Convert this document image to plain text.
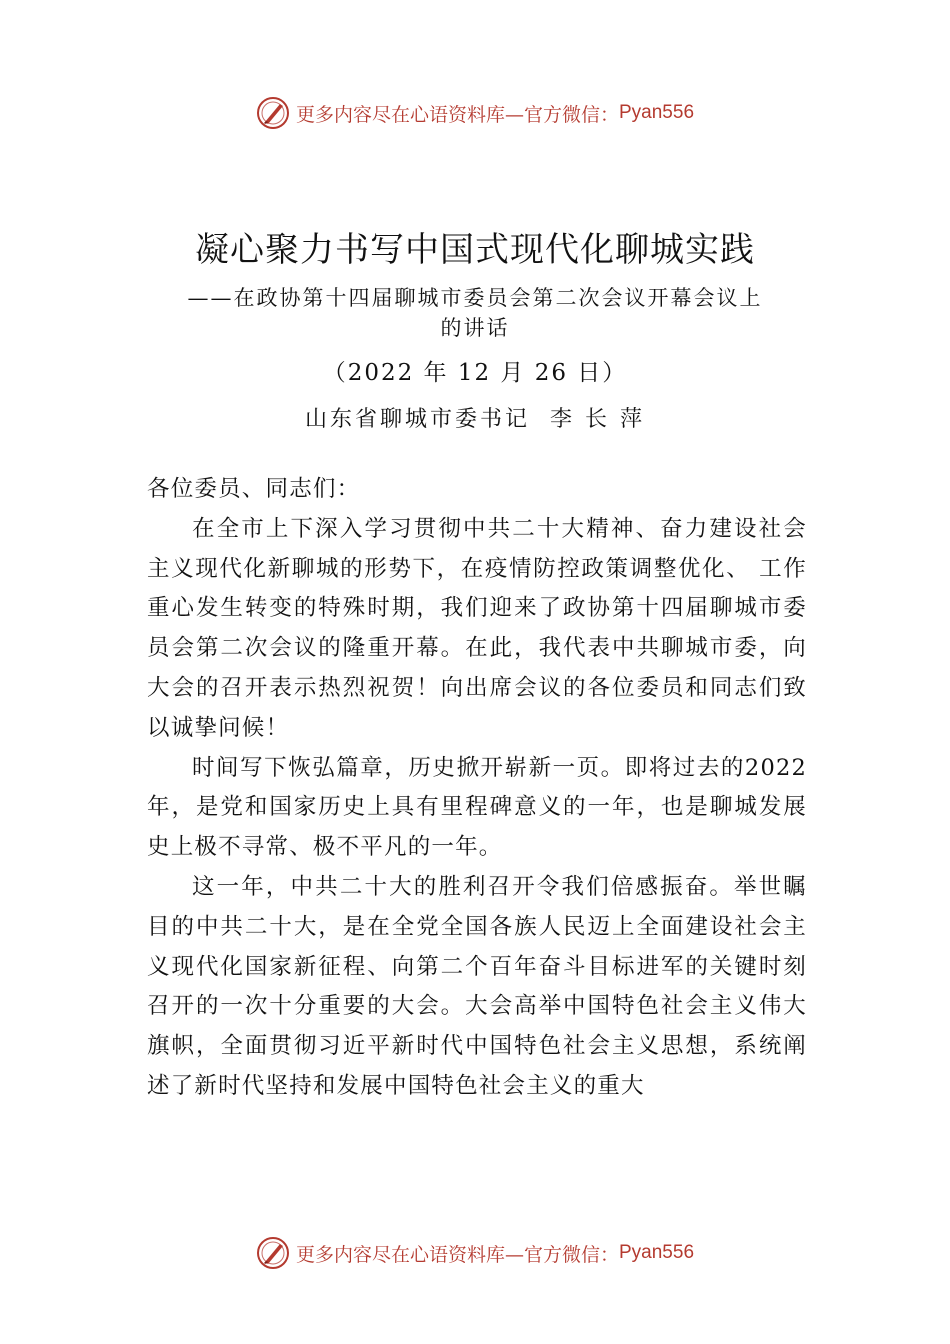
更多内容尽在心语资料库—官方微信： Pyan556
凝心聚力书写中国式现代化聊城实践
——在政协第十四届聊城市委员会第二次会议开幕会议上
的讲话
（2022 年 12 月 26 日）
山东省聊城市委书记  李 长 萍

各位委员、同志们：

在全市上下深入学习贯彻中共二十大精神、奋力建设社会主义现代化新聊城的形势下，在疫情防控政策调整优化、 工作重心发生转变的特殊时期，我们迎来了政协第十四届聊城市委员会第二次会议的隆重开幕。在此，我代表中共聊城市委，向大会的召开表示热烈祝贺！向出席会议的各位委员和同志们致以诚挚问候！

时间写下恢弘篇章，历史掀开崭新一页。即将过去的2022 年，是党和国家历史上具有里程碑意义的一年，也是聊城发展史上极不寻常、极不平凡的一年。

这一年，中共二十大的胜利召开令我们倍感振奋。举世瞩目的中共二十大，是在全党全国各族人民迈上全面建设社会主义现代化国家新征程、向第二个百年奋斗目标进军的关键时刻召开的一次十分重要的大会。大会高举中国特色社会主义伟大旗帜，全面贯彻习近平新时代中国特色社会主义思想，系统阐述了新时代坚持和发展中国特色社会主义的重大

更多内容尽在心语资料库—官方微信： Pyan556
